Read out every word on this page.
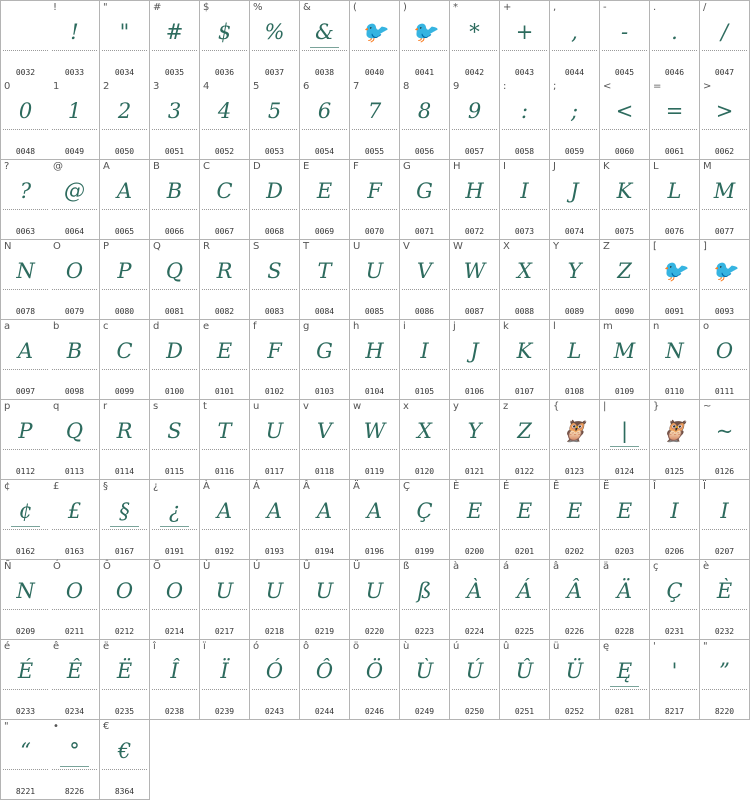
0032
!
!
0033
"
"
0034
#
#
0035
$
$
0036
%
%
0037
&
&
0038
(
🐦
0040
)
🐦
0041
*
*
0042
+
+
0043
,
,
0044
-
-
0045
.
.
0046
/
/
0047
0
0
0048
1
1
0049
2
2
0050
3
3
0051
4
4
0052
5
5
0053
6
6
0054
7
7
0055
8
8
0056
9
9
0057
:
:
0058
;
;
0059
<
<
0060
=
=
0061
>
>
0062
?
?
0063
@
@
0064
A
A
0065
B
B
0066
C
C
0067
D
D
0068
E
E
0069
F
F
0070
G
G
0071
H
H
0072
I
I
0073
J
J
0074
K
K
0075
L
L
0076
M
M
0077
N
N
0078
O
O
0079
P
P
0080
Q
Q
0081
R
R
0082
S
S
0083
T
T
0084
U
U
0085
V
V
0086
W
W
0087
X
X
0088
Y
Y
0089
Z
Z
0090
[
🐦
0091
]
🐦
0093
a
A
0097
b
B
0098
c
C
0099
d
D
0100
e
E
0101
f
F
0102
g
G
0103
h
H
0104
i
I
0105
j
J
0106
k
K
0107
l
L
0108
m
M
0109
n
N
0110
o
O
0111
p
P
0112
q
Q
0113
r
R
0114
s
S
0115
t
T
0116
u
U
0117
v
V
0118
w
W
0119
x
X
0120
y
Y
0121
z
Z
0122
{
🦉
0123
|
|
0124
}
🦉
0125
~
~
0126
¢
¢
0162
£
£
0163
§
§
0167
¿
¿
0191
À
A
0192
Á
A
0193
Â
A
0194
Ä
A
0196
Ç
Ç
0199
È
E
0200
É
E
0201
Ê
E
0202
Ë
E
0203
Î
I
0206
Ï
I
0207
Ñ
N
0209
Ó
O
0211
Ô
O
0212
Ö
O
0214
Ù
U
0217
Ú
U
0218
Û
U
0219
Ü
U
0220
ß
ß
0223
à
À
0224
á
Á
0225
â
Â
0226
ä
Ä
0228
ç
Ç
0231
è
È
0232
é
É
0233
ê
Ê
0234
ë
Ë
0235
î
Î
0238
ï
Ï
0239
ó
Ó
0243
ô
Ô
0244
ö
Ö
0246
ù
Ù
0249
ú
Ú
0250
û
Û
0251
ü
Ü
0252
ę
Ę
0281
'
'
8217
"
”
8220
"
“
8221
•
°
8226
€
€
8364
